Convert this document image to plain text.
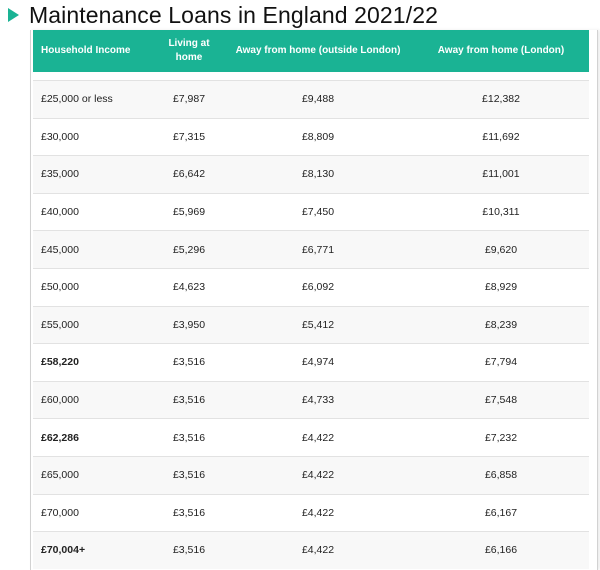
Maintenance Loans in England 2021/22
Household Income	Living at home	Away from home (outside London)	Away from home (London)

£25,000 or less	£7,987	£9,488	£12,382
£30,000	£7,315	£8,809	£11,692
£35,000	£6,642	£8,130	£11,001
£40,000	£5,969	£7,450	£10,311
£45,000	£5,296	£6,771	£9,620
£50,000	£4,623	£6,092	£8,929
£55,000	£3,950	£5,412	£8,239
£58,220	£3,516	£4,974	£7,794
£60,000	£3,516	£4,733	£7,548
£62,286	£3,516	£4,422	£7,232
£65,000	£3,516	£4,422	£6,858
£70,000	£3,516	£4,422	£6,167
£70,004+	£3,516	£4,422	£6,166
